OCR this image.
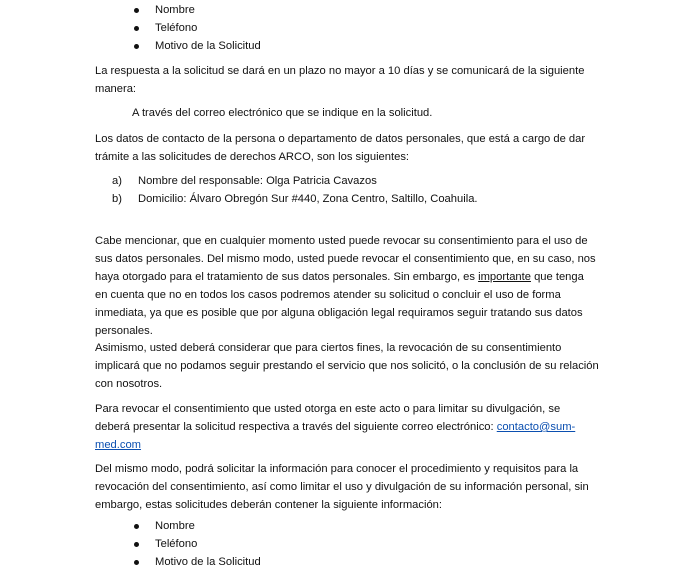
Nombre
Teléfono
Motivo de la Solicitud
La respuesta a la solicitud se dará en un plazo no mayor a 10 días y se comunicará de la siguiente
manera:
A través del correo electrónico que se indique en la solicitud.
Los datos de contacto de la persona o departamento de datos personales, que está a cargo de dar
trámite a las solicitudes de derechos ARCO, son los siguientes:
a) Nombre del responsable: Olga Patricia Cavazos
b) Domicilio: Álvaro Obregón Sur #440, Zona Centro, Saltillo, Coahuila.
Cabe mencionar, que en cualquier momento usted puede revocar su consentimiento para el uso de
sus datos personales. Del mismo modo, usted puede revocar el consentimiento que, en su caso, nos
haya otorgado para el tratamiento de sus datos personales. Sin embargo, es importante que tenga
en cuenta que no en todos los casos podremos atender su solicitud o concluir el uso de forma
inmediata, ya que es posible que por alguna obligación legal requiramos seguir tratando sus datos
personales.
Asimismo, usted deberá considerar que para ciertos fines, la revocación de su consentimiento
implicará que no podamos seguir prestando el servicio que nos solicitó, o la conclusión de su relación
con nosotros.
Para revocar el consentimiento que usted otorga en este acto o para limitar su divulgación, se
deberá presentar la solicitud respectiva a través del siguiente correo electrónico: contacto@sum-
med.com
Del mismo modo, podrá solicitar la información para conocer el procedimiento y requisitos para la
revocación del consentimiento, así como limitar el uso y divulgación de su información personal, sin
embargo, estas solicitudes deberán contener la siguiente información:
Nombre
Teléfono
Motivo de la Solicitud
